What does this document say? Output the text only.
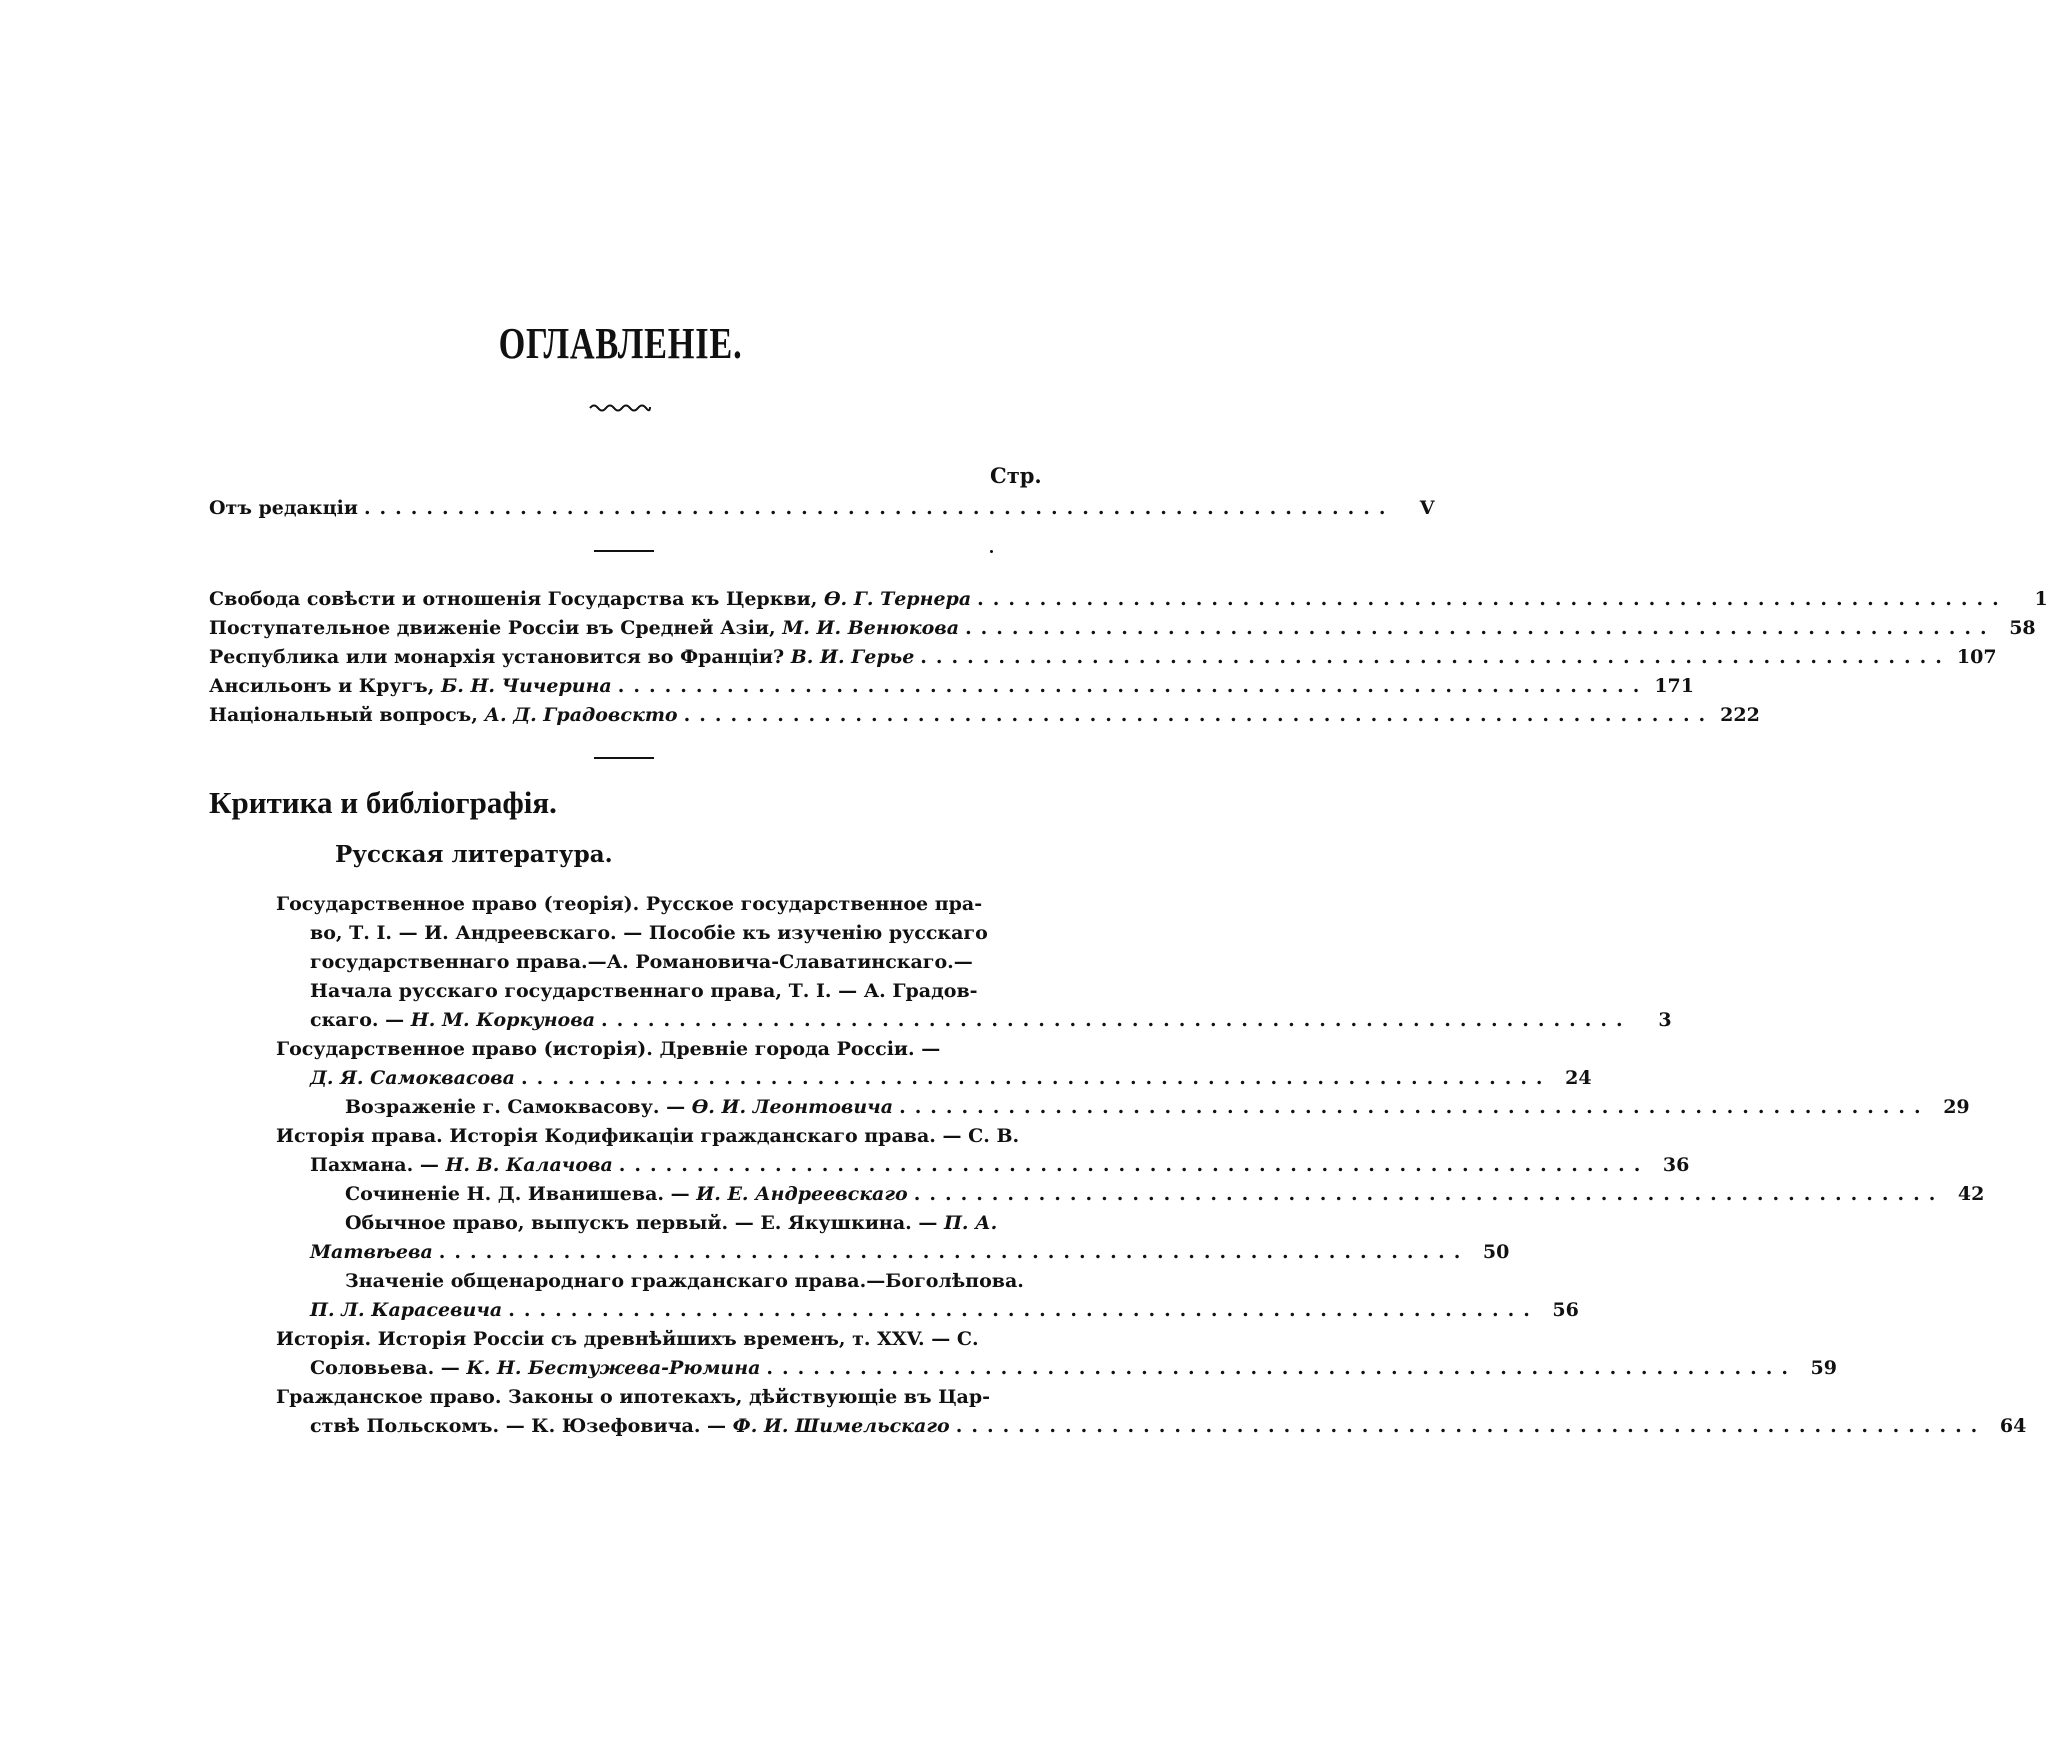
ОГЛАВЛЕНІЕ.
Стр.
Отъ редакціи ..................................................................	V
Свобода совѣсти и отношенія Государства къ Церкви,
Ѳ. Г. Тернера ..................................................................	1
Поступательное движеніе Россіи въ Средней Азіи,
М. И. Венюкова .................................................................. 58
Республика или монархія установится во Франціи?
В. И. Герье .................................................................. 107
Ансильонъ и Кругъ,
Б. Н. Чичерина .................................................................. 171
Національный вопросъ,
А. Д. Градовскто .................................................................. 222
Критика и библіографія.
Русская литература.
Государственное право (теорія). Русское государственное пра-
во, Т. I. — И. Андреевскаго. — Пособіе къ изученію русскаго
государственнаго права.—А. Романовича-Славатинскаго.—
Начала русскаго государственнаго права, Т. I. — А. Градов-
скаго. —
Н. М. Коркунова ..................................................................	3
Государственное право (исторія). Древніе города Россіи. —
Д. Я. Самоквасова .................................................................. 24
Возраженіе г. Самоквасову. —
Ѳ. И. Леонтовича .................................................................. 29
Исторія права. Исторія Кодификаціи гражданскаго права. — С. В.
Пахмана. —
Н. В. Калачова .................................................................. 36
Сочиненіе Н. Д. Иванишева. —
И. Е. Андреевскаго .................................................................. 42
Обычное право, выпускъ первый. — Е. Якушкина. — П. А.
Матвѣева .................................................................. 50
Значеніе общенароднаго гражданскаго права.—Боголѣпова.
П. Л. Карасевича .................................................................. 56
Исторія. Исторія Россіи съ древнѣйшихъ временъ, т. XXV. — С.
Соловьева. —
К. Н. Бестужева-Рюмина .................................................................. 59
Гражданское право. Законы о ипотекахъ, дѣйствующіе въ Цар-
ствѣ Польскомъ. — К. Юзефовича. —
Ф. И. Шимельскаго .................................................................. 64
